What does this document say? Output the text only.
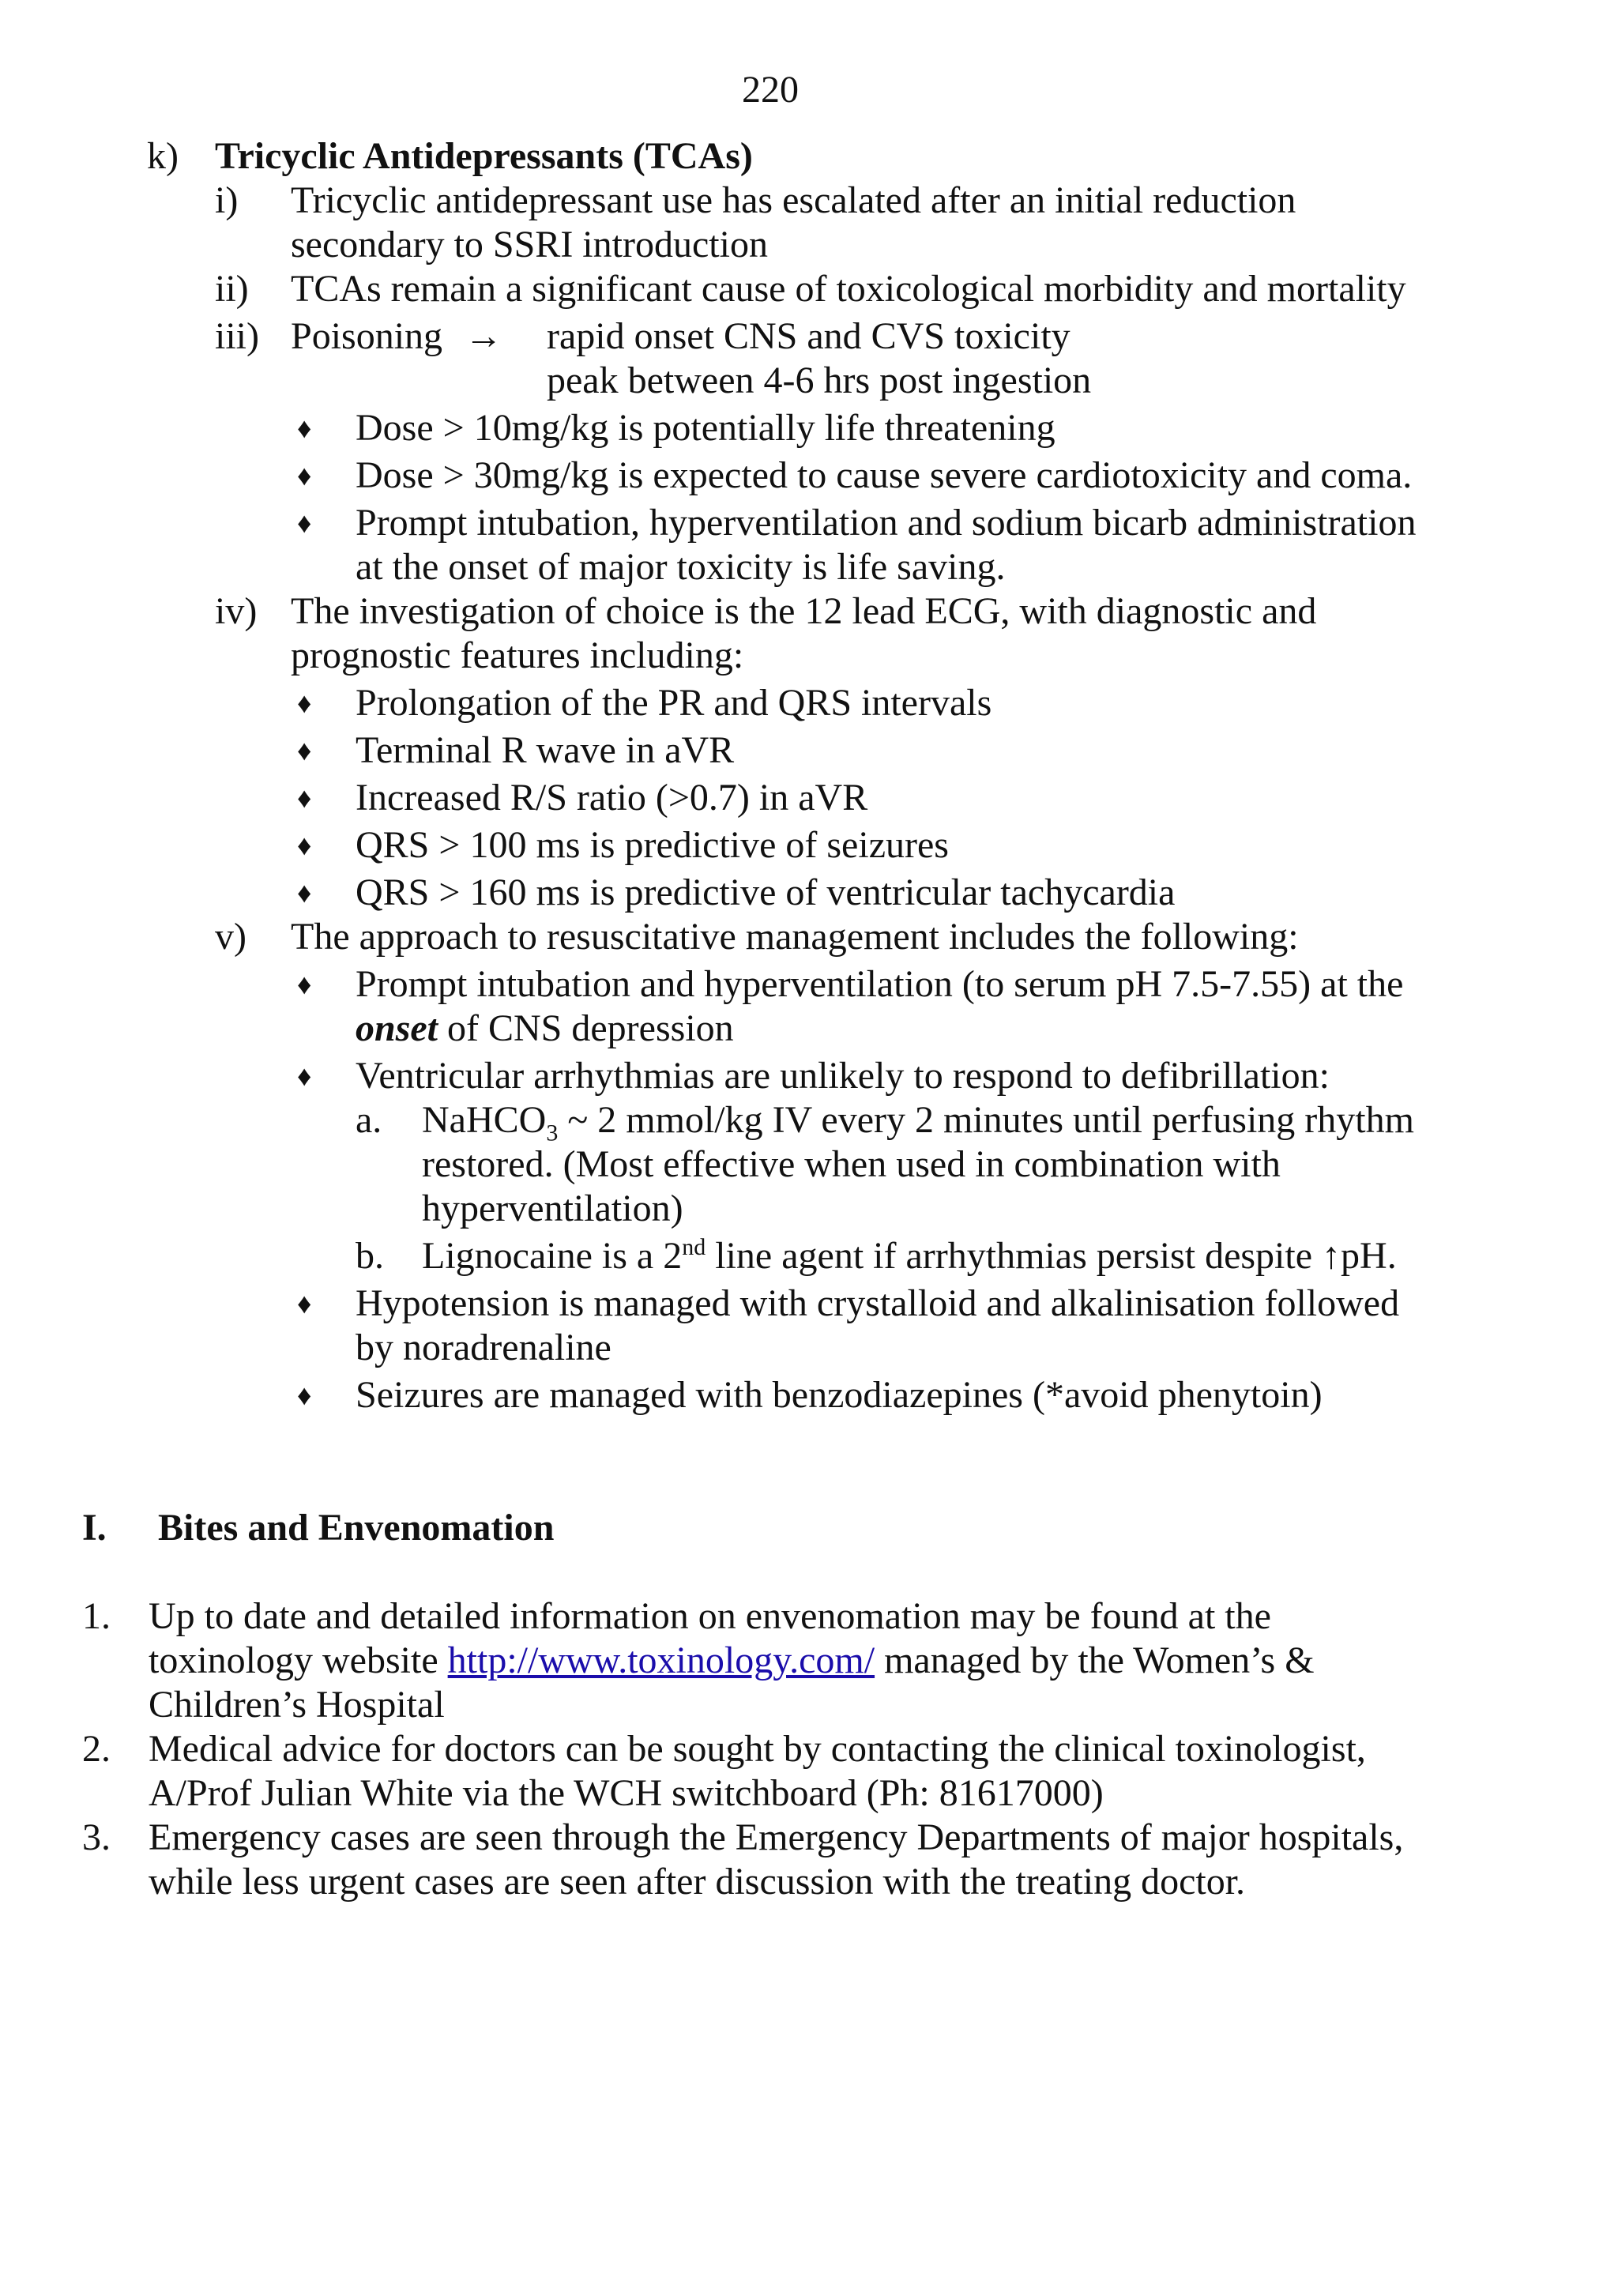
220
k) Tricyclic Antidepressants (TCAs)
i) Tricyclic antidepressant use has escalated after an initial reduction
secondary to SSRI introduction
ii) TCAs remain a significant cause of toxicological morbidity and mortality
iii) Poisoning → rapid onset CNS and CVS toxicity
peak between 4-6 hrs post ingestion
♦ Dose > 10mg/kg is potentially life threatening
♦ Dose > 30mg/kg is expected to cause severe cardiotoxicity and coma.
♦ Prompt intubation, hyperventilation and sodium bicarb administration
at the onset of major toxicity is life saving.
iv) The investigation of choice is the 12 lead ECG, with diagnostic and
prognostic features including:
♦ Prolongation of the PR and QRS intervals
♦ Terminal R wave in aVR
♦ Increased R/S ratio (>0.7) in aVR
♦ QRS > 100 ms is predictive of seizures
♦ QRS > 160 ms is predictive of ventricular tachycardia
v) The approach to resuscitative management includes the following:
♦ Prompt intubation and hyperventilation (to serum pH 7.5-7.55) at the
onset of CNS depression
♦ Ventricular arrhythmias are unlikely to respond to defibrillation:
a. NaHCO$_3$ ~ 2 mmol/kg IV every 2 minutes until perfusing rhythm
restored. (Most effective when used in combination with
hyperventilation)
b. Lignocaine is a 2nd line agent if arrhythmias persist despite ↑pH.
♦ Hypotension is managed with crystalloid and alkalinisation followed
by noradrenaline
♦ Seizures are managed with benzodiazepines (*avoid phenytoin)
I. Bites and Envenomation
1. Up to date and detailed information on envenomation may be found at the
toxinology website http://www.toxinology.com/ managed by the Women’s &
Children’s Hospital
2. Medical advice for doctors can be sought by contacting the clinical toxinologist,
A/Prof Julian White via the WCH switchboard (Ph: 81617000)
3. Emergency cases are seen through the Emergency Departments of major hospitals,
while less urgent cases are seen after discussion with the treating doctor.
